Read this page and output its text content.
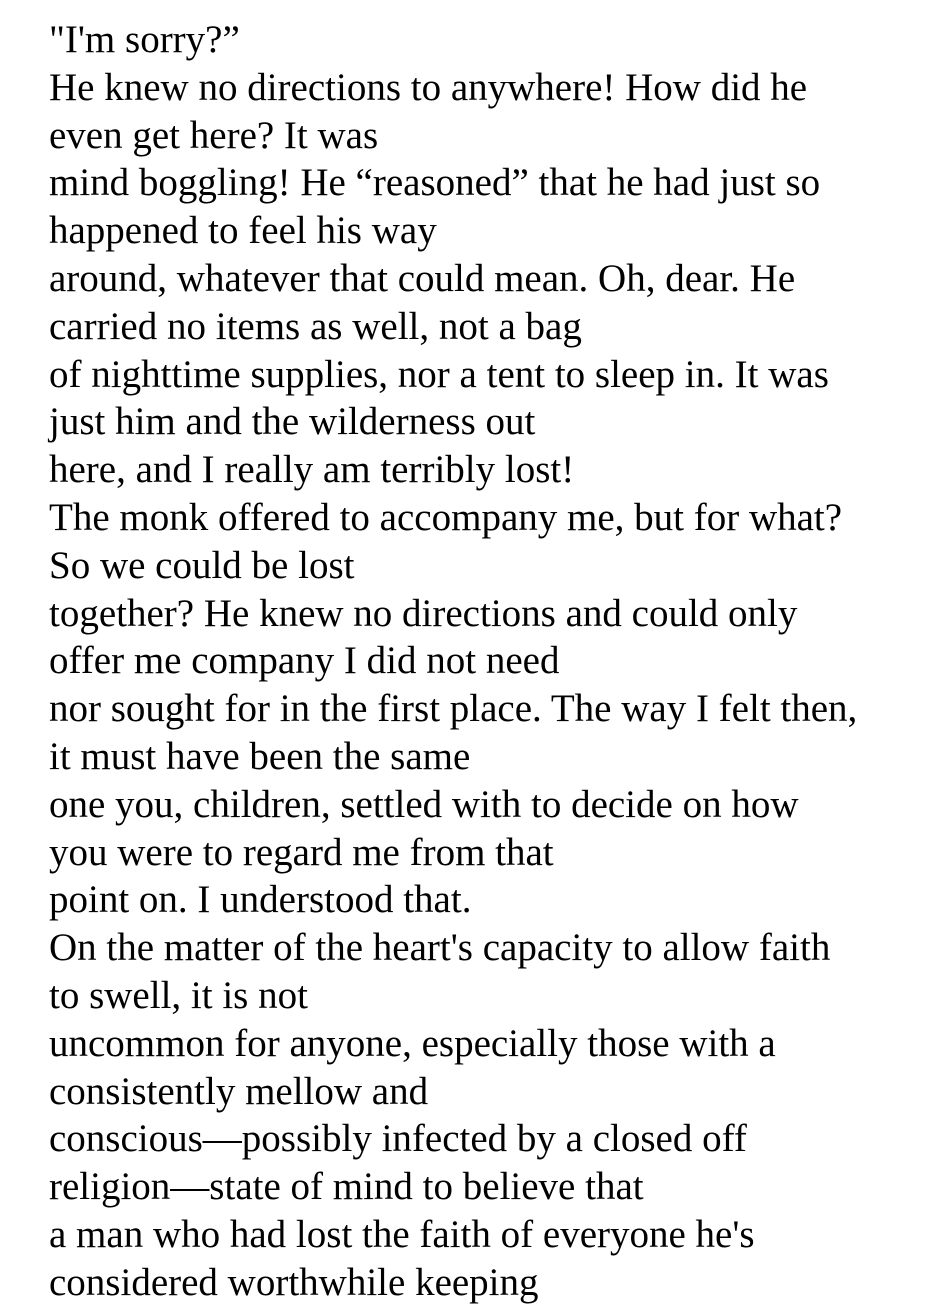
"I'm sorry?”
He knew no directions to anywhere! How did he
even get here? It was
mind boggling! He “reasoned” that he had just so
happened to feel his way
around, whatever that could mean. Oh, dear. He
carried no items as well, not a bag
of nighttime supplies, nor a tent to sleep in. It was
just him and the wilderness out
here, and I really am terribly lost!
The monk offered to accompany me, but for what?
So we could be lost
together? He knew no directions and could only
offer me company I did not need
nor sought for in the first place. The way I felt then,
it must have been the same
one you, children, settled with to decide on how
you were to regard me from that
point on. I understood that.
On the matter of the heart's capacity to allow faith
to swell, it is not
uncommon for anyone, especially those with a
consistently mellow and
conscious—possibly infected by a closed off
religion—state of mind to believe that
a man who had lost the faith of everyone he's
considered worthwhile keeping
